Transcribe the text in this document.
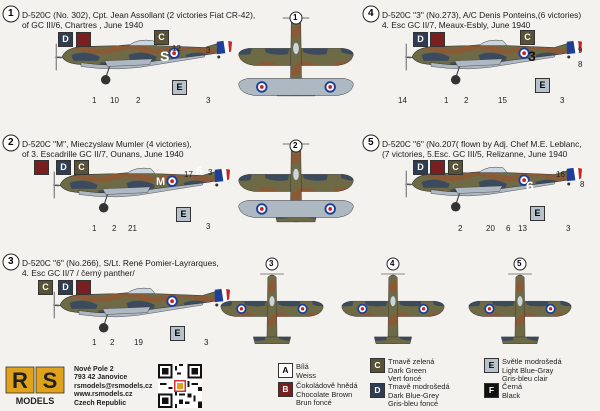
1
2
3
4
5
1
2
3	4	5
D-520C (No. 302), Cpt. Jean Assollant (2 victories Fiat CR-42),
of GC III/6, Chartres , June 1940
D-520C "M", Mieczyslaw Mumler (4 victories),
of 3. Escadrille GC II/7, Ounans, June 1940
D-520C "6" (No.266), S/Lt. René Pomier-Layrarques,
4. Esc GC II/7 / černý panther/
D-520C "3" (No.273), A/C Denis Ponteins,(6 victories)
4. Esc GC II/7, Meaux-Esbly, June 1940
D-520C "6" (No.207( flown by Adj. Chef M.E. Leblanc,
(7 victories, 5.Esc. GC III/5, Relizanne, June 1940
S
M
6
3
6
D	C
E
D	C
E
C	D
E
D	C
E
D	C
E
12	3
1 10 2	3
17 3
21
1 2	3
1 2 19	3
9
8
14	1 2	15	3
16
8
2	20 6 13	3
A	Bílá
Weiss
B	Čokoládově hnědá
Chocolate Brown
Brun foncé
C	Tmavě zelená
Dark Green
Vert foncé
D	Tmavě modrošedá
Dark Blue-Grey
Gris-bleu foncé
E	Světle modrošedá
Light Blue-Gray
Gris-bleu clair
F	Černá
Black
R S
MODELS
Nové Pole 2
793 42 Janovice
rsmodels@rsmodels.cz
www.rsmodels.cz
Czech Republic
